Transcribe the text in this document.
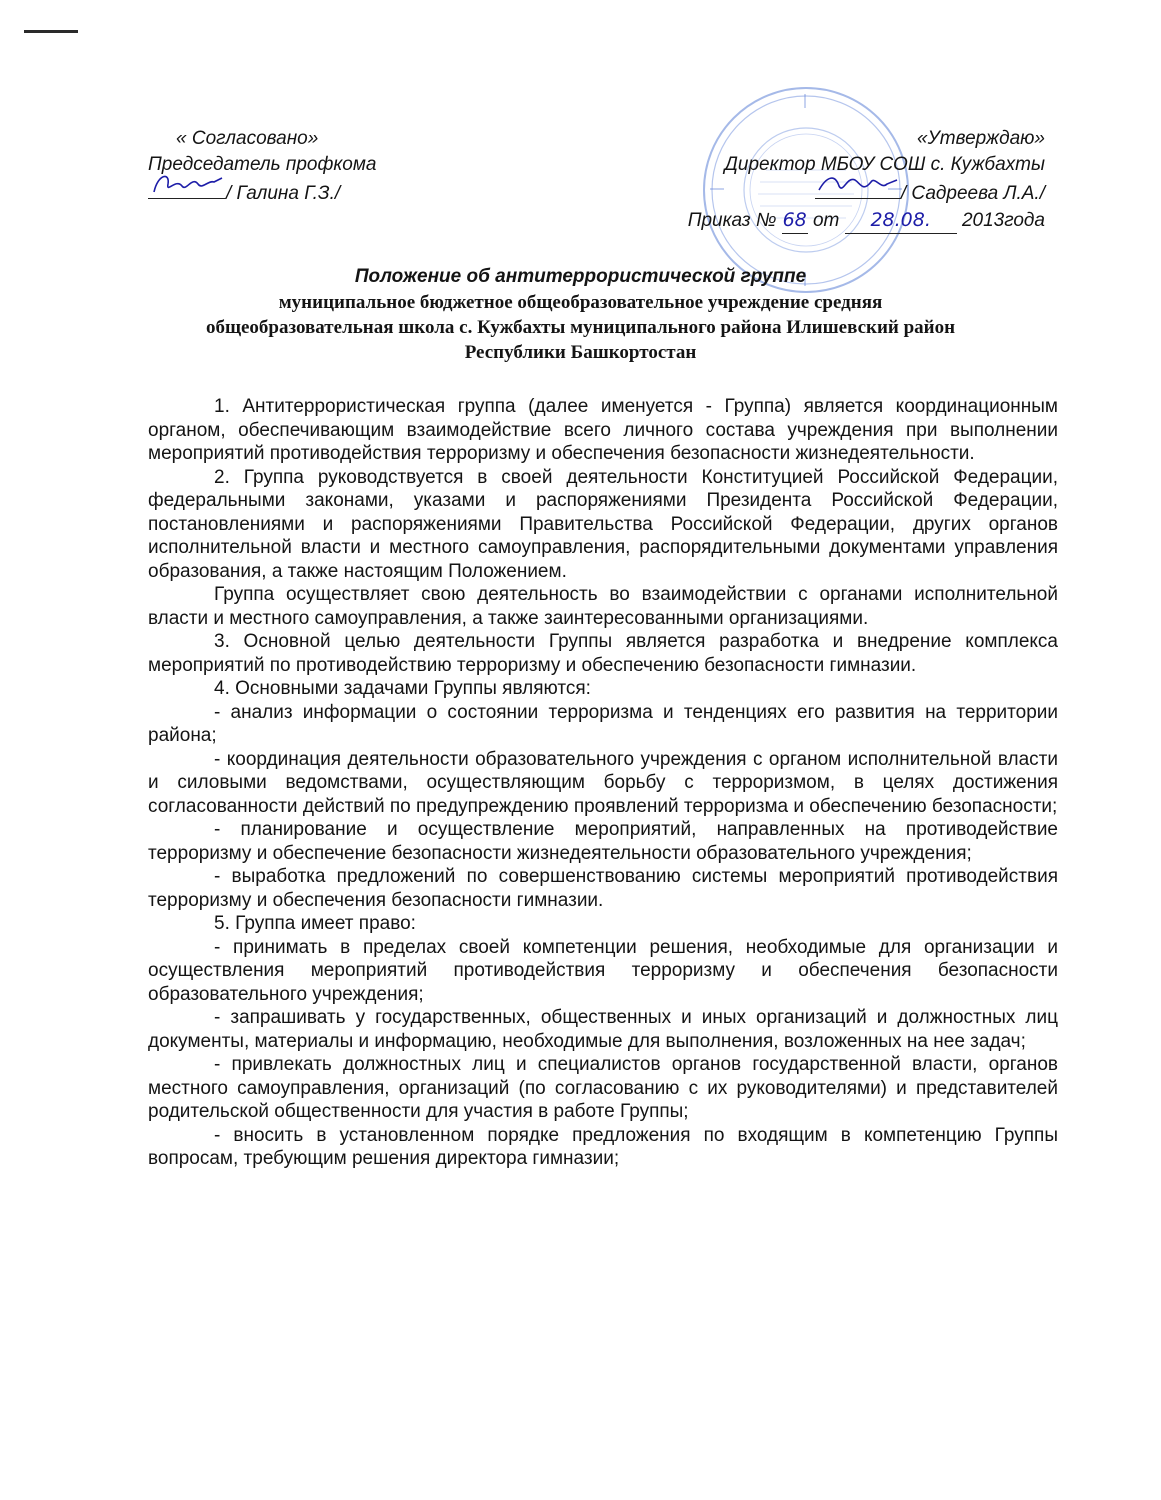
« Согласовано»
Председатель профкома
/ Галина Г.З./
«Утверждаю»
Директор МБОУ СОШ с. Кужбахты
/ Садреева Л.А./
Приказ № 68 от 28.08. 2013года
Положение об антитеррористической группе
муниципальное бюджетное общеобразовательное учреждение средняя
общеобразовательная школа с. Кужбахты муниципального района Илишевский район
Республики Башкортостан

1. Антитеррористическая группа (далее именуется - Группа) является координационным органом, обеспечивающим взаимодействие всего личного состава учреждения при выполнении мероприятий противодействия терроризму и обеспечения безопасности жизнедеятельности.

2. Группа руководствуется в своей деятельности Конституцией Российской Федерации, федеральными законами, указами и распоряжениями Президента Российской Федерации, постановлениями и распоряжениями Правительства Российской Федерации, других органов исполнительной власти и местного самоуправления, распорядительными документами управления образования, а также настоящим Положением.

Группа осуществляет свою деятельность во взаимодействии с органами исполнительной власти и местного самоуправления, а также заинтересованными организациями.

3. Основной целью деятельности Группы является разработка и внедрение комплекса мероприятий по противодействию терроризму и обеспечению безопасности гимназии.

4. Основными задачами Группы являются:

- анализ информации о состоянии терроризма и тенденциях его развития на территории района;

- координация деятельности образовательного учреждения с органом исполнительной власти и силовыми ведомствами, осуществляющим борьбу с терроризмом, в целях достижения согласованности действий по предупреждению проявлений терроризма и обеспечению безопасности;

- планирование и осуществление мероприятий, направленных на противодействие терроризму и обеспечение безопасности жизнедеятельности образовательного учреждения;

- выработка предложений по совершенствованию системы мероприятий противодействия терроризму и обеспечения безопасности гимназии.

5. Группа имеет право:

- принимать в пределах своей компетенции решения, необходимые для организации и осуществления мероприятий противодействия терроризму и обеспечения безопасности образовательного учреждения;

- запрашивать у государственных, общественных и иных организаций и должностных лиц документы, материалы и информацию, необходимые для выполнения, возложенных на нее задач;

- привлекать должностных лиц и специалистов органов государственной власти, органов местного самоуправления, организаций (по согласованию с их руководителями) и представителей родительской общественности для участия в работе Группы;

- вносить в установленном порядке предложения по входящим в компетенцию Группы вопросам, требующим решения директора гимназии;
